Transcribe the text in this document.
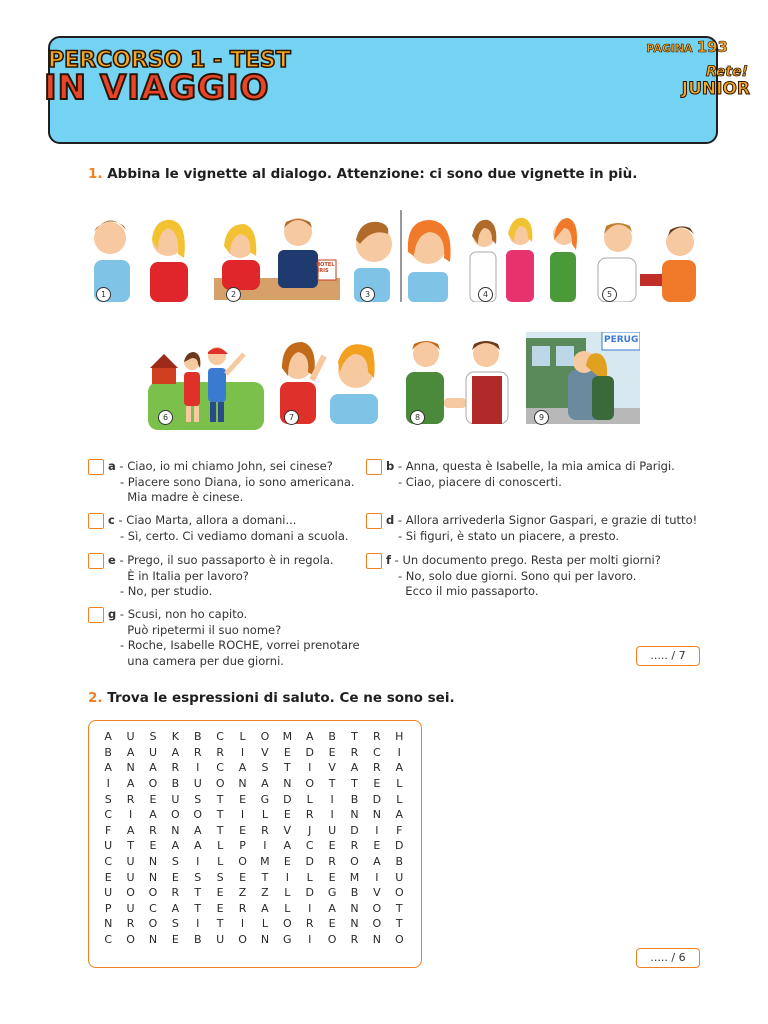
PERCORSO 1 - TEST
IN VIAGGIO
PAGINA 193
Rete!
JUNIOR
1. Abbina le vignette al dialogo. Attenzione: ci sono due vignette in più.
1	2
HOTEL IRIS
3	4	5
6	7	8
PERUG
9
a - Ciao, io mi chiamo John, sei cinese?
- Piacere sono Diana, io sono americana.
Mia madre è cinese.
c - Ciao Marta, allora a domani...
- Sì, certo. Ci vediamo domani a scuola.
e - Prego, il suo passaporto è in regola.
È in Italia per lavoro?
- No, per studio.
g - Scusi, non ho capito.
Può ripetermi il suo nome?
- Roche, Isabelle ROCHE, vorrei prenotare
una camera per due giorni.
b - Anna, questa è Isabelle, la mia amica di Parigi.
- Ciao, piacere di conoscerti.
d - Allora arrivederla Signor Gaspari, e grazie di tutto!
- Si figuri, è stato un piacere, a presto.
f - Un documento prego. Resta per molti giorni?
- No, solo due giorni. Sono qui per lavoro.
Ecco il mio passaporto.
..... / 7
2. Trova le espressioni di saluto. Ce ne sono sei.
A	U	S	K	B	C	L	O	M	A	B	T	R	H
B	A	U	A	R	R	I	V	E	D	E	R	C	I
A	N	A	R	I	C	A	S	T	I	V	A	R	A
I	A	O	B	U	O	N	A	N	O	T	T	E	L
S	R	E	U	S	T	E	G	D	L	I	B	D	L
C	I	A	O	O	T	I	L	E	R	I	N	N	A
F	A	R	N	A	T	E	R	V	J	U	D	I	F
U	T	E	A	A	L	P	I	A	C	E	R	E	D
C	U	N	S	I	L	O	M	E	D	R	O	A	B
E	U	N	E	S	S	E	T	I	L	E	M	I	U
U	O	O	R	T	E	Z	Z	L	D	G	B	V	O
P	U	C	A	T	E	R	A	L	I	A	N	O	T
N	R	O	S	I	T	I	L	O	R	E	N	O	T
C	O	N	E	B	U	O	N	G	I	O	R	N	O
..... / 6
